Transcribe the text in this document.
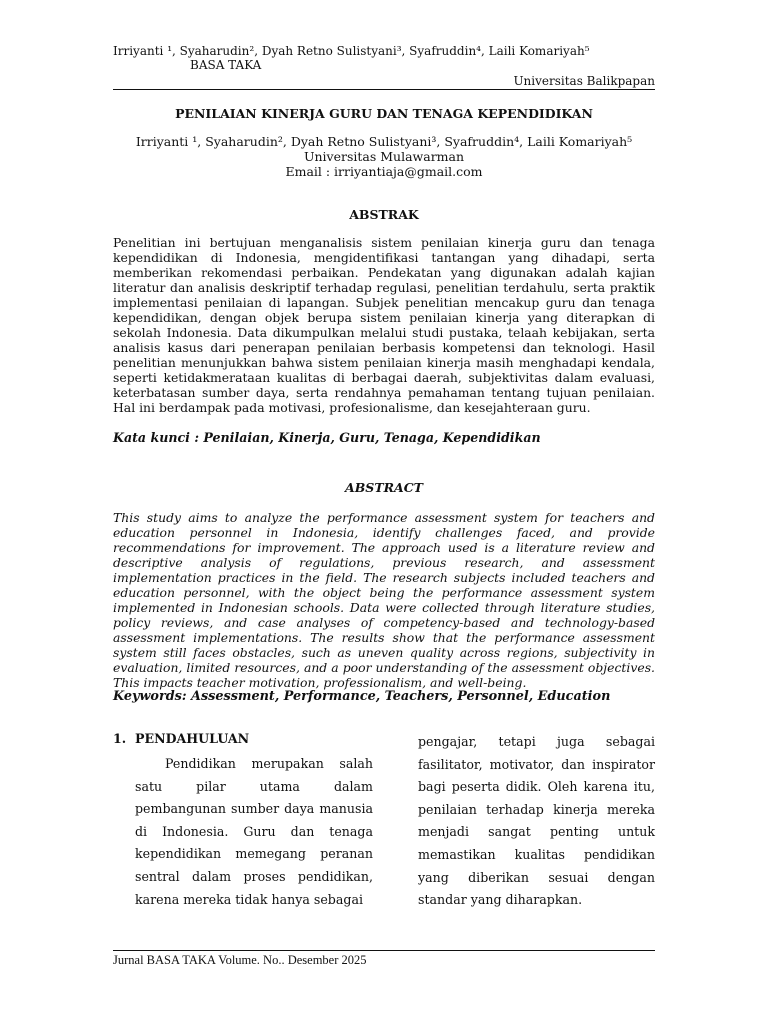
Irriyanti ¹, Syaharudin², Dyah Retno Sulistyani³, Syafruddin⁴, Laili Komariyah⁵
BASA TAKA
Universitas Balikpapan
PENILAIAN KINERJA GURU DAN TENAGA KEPENDIDIKAN
Irriyanti ¹, Syaharudin², Dyah Retno Sulistyani³, Syafruddin⁴, Laili Komariyah⁵
Universitas Mulawarman
Email : irriyantiaja@gmail.com
ABSTRAK

Penelitian ini bertujuan menganalisis sistem penilaian kinerja guru dan tenaga kependidikan di Indonesia, mengidentifikasi tantangan yang dihadapi, serta memberikan rekomendasi perbaikan. Pendekatan yang digunakan adalah kajian literatur dan analisis deskriptif terhadap regulasi, penelitian terdahulu, serta praktik implementasi penilaian di lapangan. Subjek penelitian mencakup guru dan tenaga kependidikan, dengan objek berupa sistem penilaian kinerja yang diterapkan di sekolah Indonesia. Data dikumpulkan melalui studi pustaka, telaah kebijakan, serta analisis kasus dari penerapan penilaian berbasis kompetensi dan teknologi. Hasil penelitian menunjukkan bahwa sistem penilaian kinerja masih menghadapi kendala, seperti ketidakmerataan kualitas di berbagai daerah, subjektivitas dalam evaluasi, keterbatasan sumber daya, serta rendahnya pemahaman tentang tujuan penilaian. Hal ini berdampak pada motivasi, profesionalisme, dan kesejahteraan guru.

Kata kunci : Penilaian, Kinerja, Guru, Tenaga, Kependidikan
ABSTRACT

This study aims to analyze the performance assessment system for teachers and education personnel in Indonesia, identify challenges faced, and provide recommendations for improvement. The approach used is a literature review and descriptive analysis of regulations, previous research, and assessment implementation practices in the field. The research subjects included teachers and education personnel, with the object being the performance assessment system implemented in Indonesian schools. Data were collected through literature studies, policy reviews, and case analyses of competency-based and technology-based assessment implementations. The results show that the performance assessment system still faces obstacles, such as uneven quality across regions, subjectivity in evaluation, limited resources, and a poor understanding of the assessment objectives. This impacts teacher motivation, professionalism, and well-being.

Keywords: Assessment, Performance, Teachers, Personnel, Education
1. PENDAHULUAN

Pendidikan merupakan salah satu pilar utama dalam pembangunan sumber daya manusia di Indonesia. Guru dan tenaga kependidikan memegang peranan sentral dalam proses pendidikan, karena mereka tidak hanya sebagai

pengajar, tetapi juga sebagai fasilitator, motivator, dan inspirator bagi peserta didik. Oleh karena itu, penilaian terhadap kinerja mereka menjadi sangat penting untuk memastikan kualitas pendidikan yang diberikan sesuai dengan standar yang diharapkan.

Jurnal BASA TAKA Volume. No.. Desember 2025
